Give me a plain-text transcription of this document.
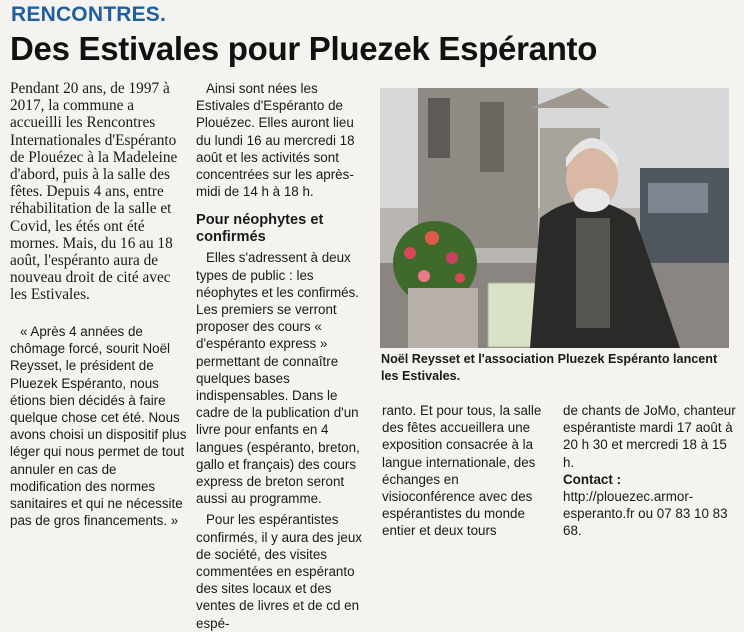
RENCONTRES.
Des Estivales pour Pluezek Espéranto

Pendant 20 ans, de 1997 à 2017, la commune a accueilli les Rencontres Internationales d'Espéranto de Plouézec à la Madeleine d'abord, puis à la salle des fêtes. Depuis 4 ans, entre réhabilitation de la salle et Covid, les étés ont été mornes. Mais, du 16 au 18 août, l'espéranto aura de nouveau droit de cité avec les Estivales.

« Après 4 années de chômage forcé, sourit Noël Reysset, le président de Pluezek Espéranto, nous étions bien décidés à faire quelque chose cet été. Nous avons choisi un dispositif plus léger qui nous permet de tout annuler en cas de modification des normes sanitaires et qui ne nécessite pas de gros financements. »

Ainsi sont nées les Estivales d'Espéranto de Plouézec. Elles auront lieu du lundi 16 au mercredi 18 août et les activités sont concentrées sur les après-midi de 14 h à 18 h.

Pour néophytes et confirmés

Elles s'adressent à deux types de public : les néophytes et les confirmés. Les premiers se verront proposer des cours « d'espéranto express » permettant de connaître quelques bases indispensables. Dans le cadre de la publication d'un livre pour enfants en 4 langues (espéranto, breton, gallo et français) des cours express de breton seront aussi au programme.

Pour les espérantistes confirmés, il y aura des jeux de société, des visites commentées en espéranto des sites locaux et des ventes de livres et de cd en espé-

Noël Reysset et l'association Pluezek Espéranto lancent les Estivales.

ranto. Et pour tous, la salle des fêtes accueillera une exposition consacrée à la langue internationale, des échanges en visioconférence avec des espérantistes du monde entier et deux tours

de chants de JoMo, chanteur espérantiste mardi 17 août à 20 h 30 et mercredi 18 à 15 h.

Contact : http://plouezec.armor-esperanto.fr ou 07 83 10 83 68.
